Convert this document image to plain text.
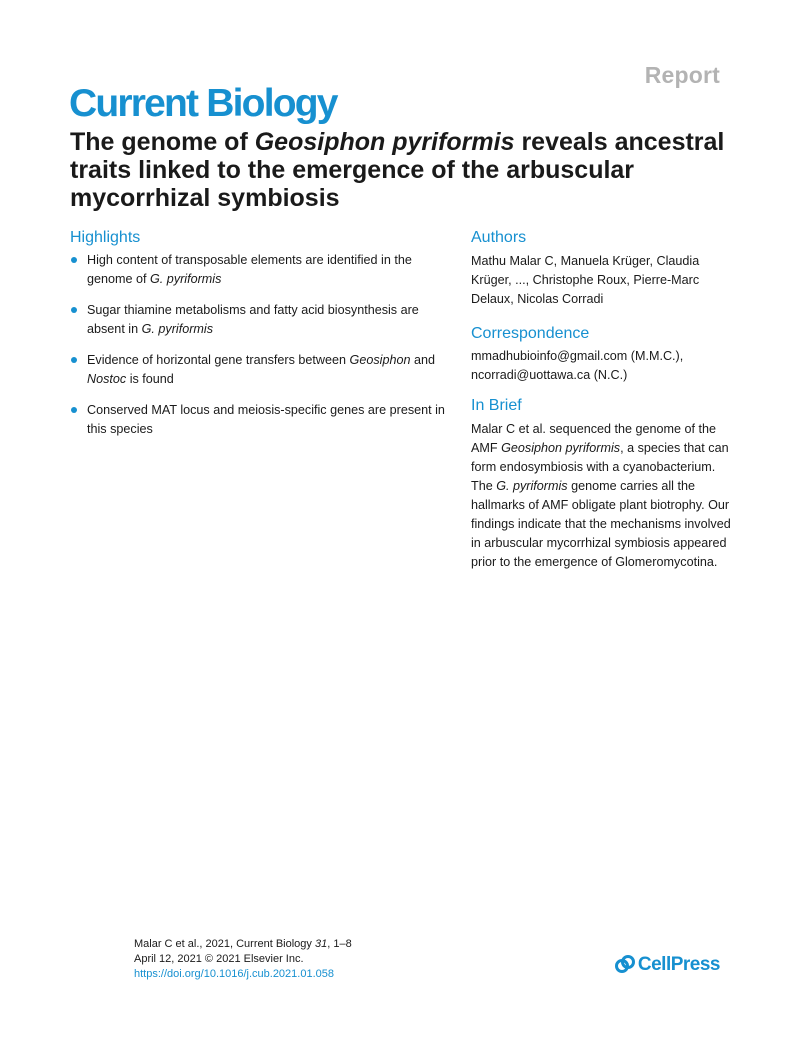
Report
Current Biology
The genome of Geosiphon pyriformis reveals ancestral traits linked to the emergence of the arbuscular mycorrhizal symbiosis
Highlights
High content of transposable elements are identified in the genome of G. pyriformis
Sugar thiamine metabolisms and fatty acid biosynthesis are absent in G. pyriformis
Evidence of horizontal gene transfers between Geosiphon and Nostoc is found
Conserved MAT locus and meiosis-specific genes are present in this species
Authors
Mathu Malar C, Manuela Krüger, Claudia Krüger, ..., Christophe Roux, Pierre-Marc Delaux, Nicolas Corradi
Correspondence
mmadhubioinfo@gmail.com (M.M.C.),
ncorradi@uottawa.ca (N.C.)
In Brief
Malar C et al. sequenced the genome of the AMF Geosiphon pyriformis, a species that can form endosymbiosis with a cyanobacterium. The G. pyriformis genome carries all the hallmarks of AMF obligate plant biotrophy. Our findings indicate that the mechanisms involved in arbuscular mycorrhizal symbiosis appeared prior to the emergence of Glomeromycotina.
Malar C et al., 2021, Current Biology 31, 1–8
April 12, 2021 © 2021 Elsevier Inc.
https://doi.org/10.1016/j.cub.2021.01.058	CellPress
